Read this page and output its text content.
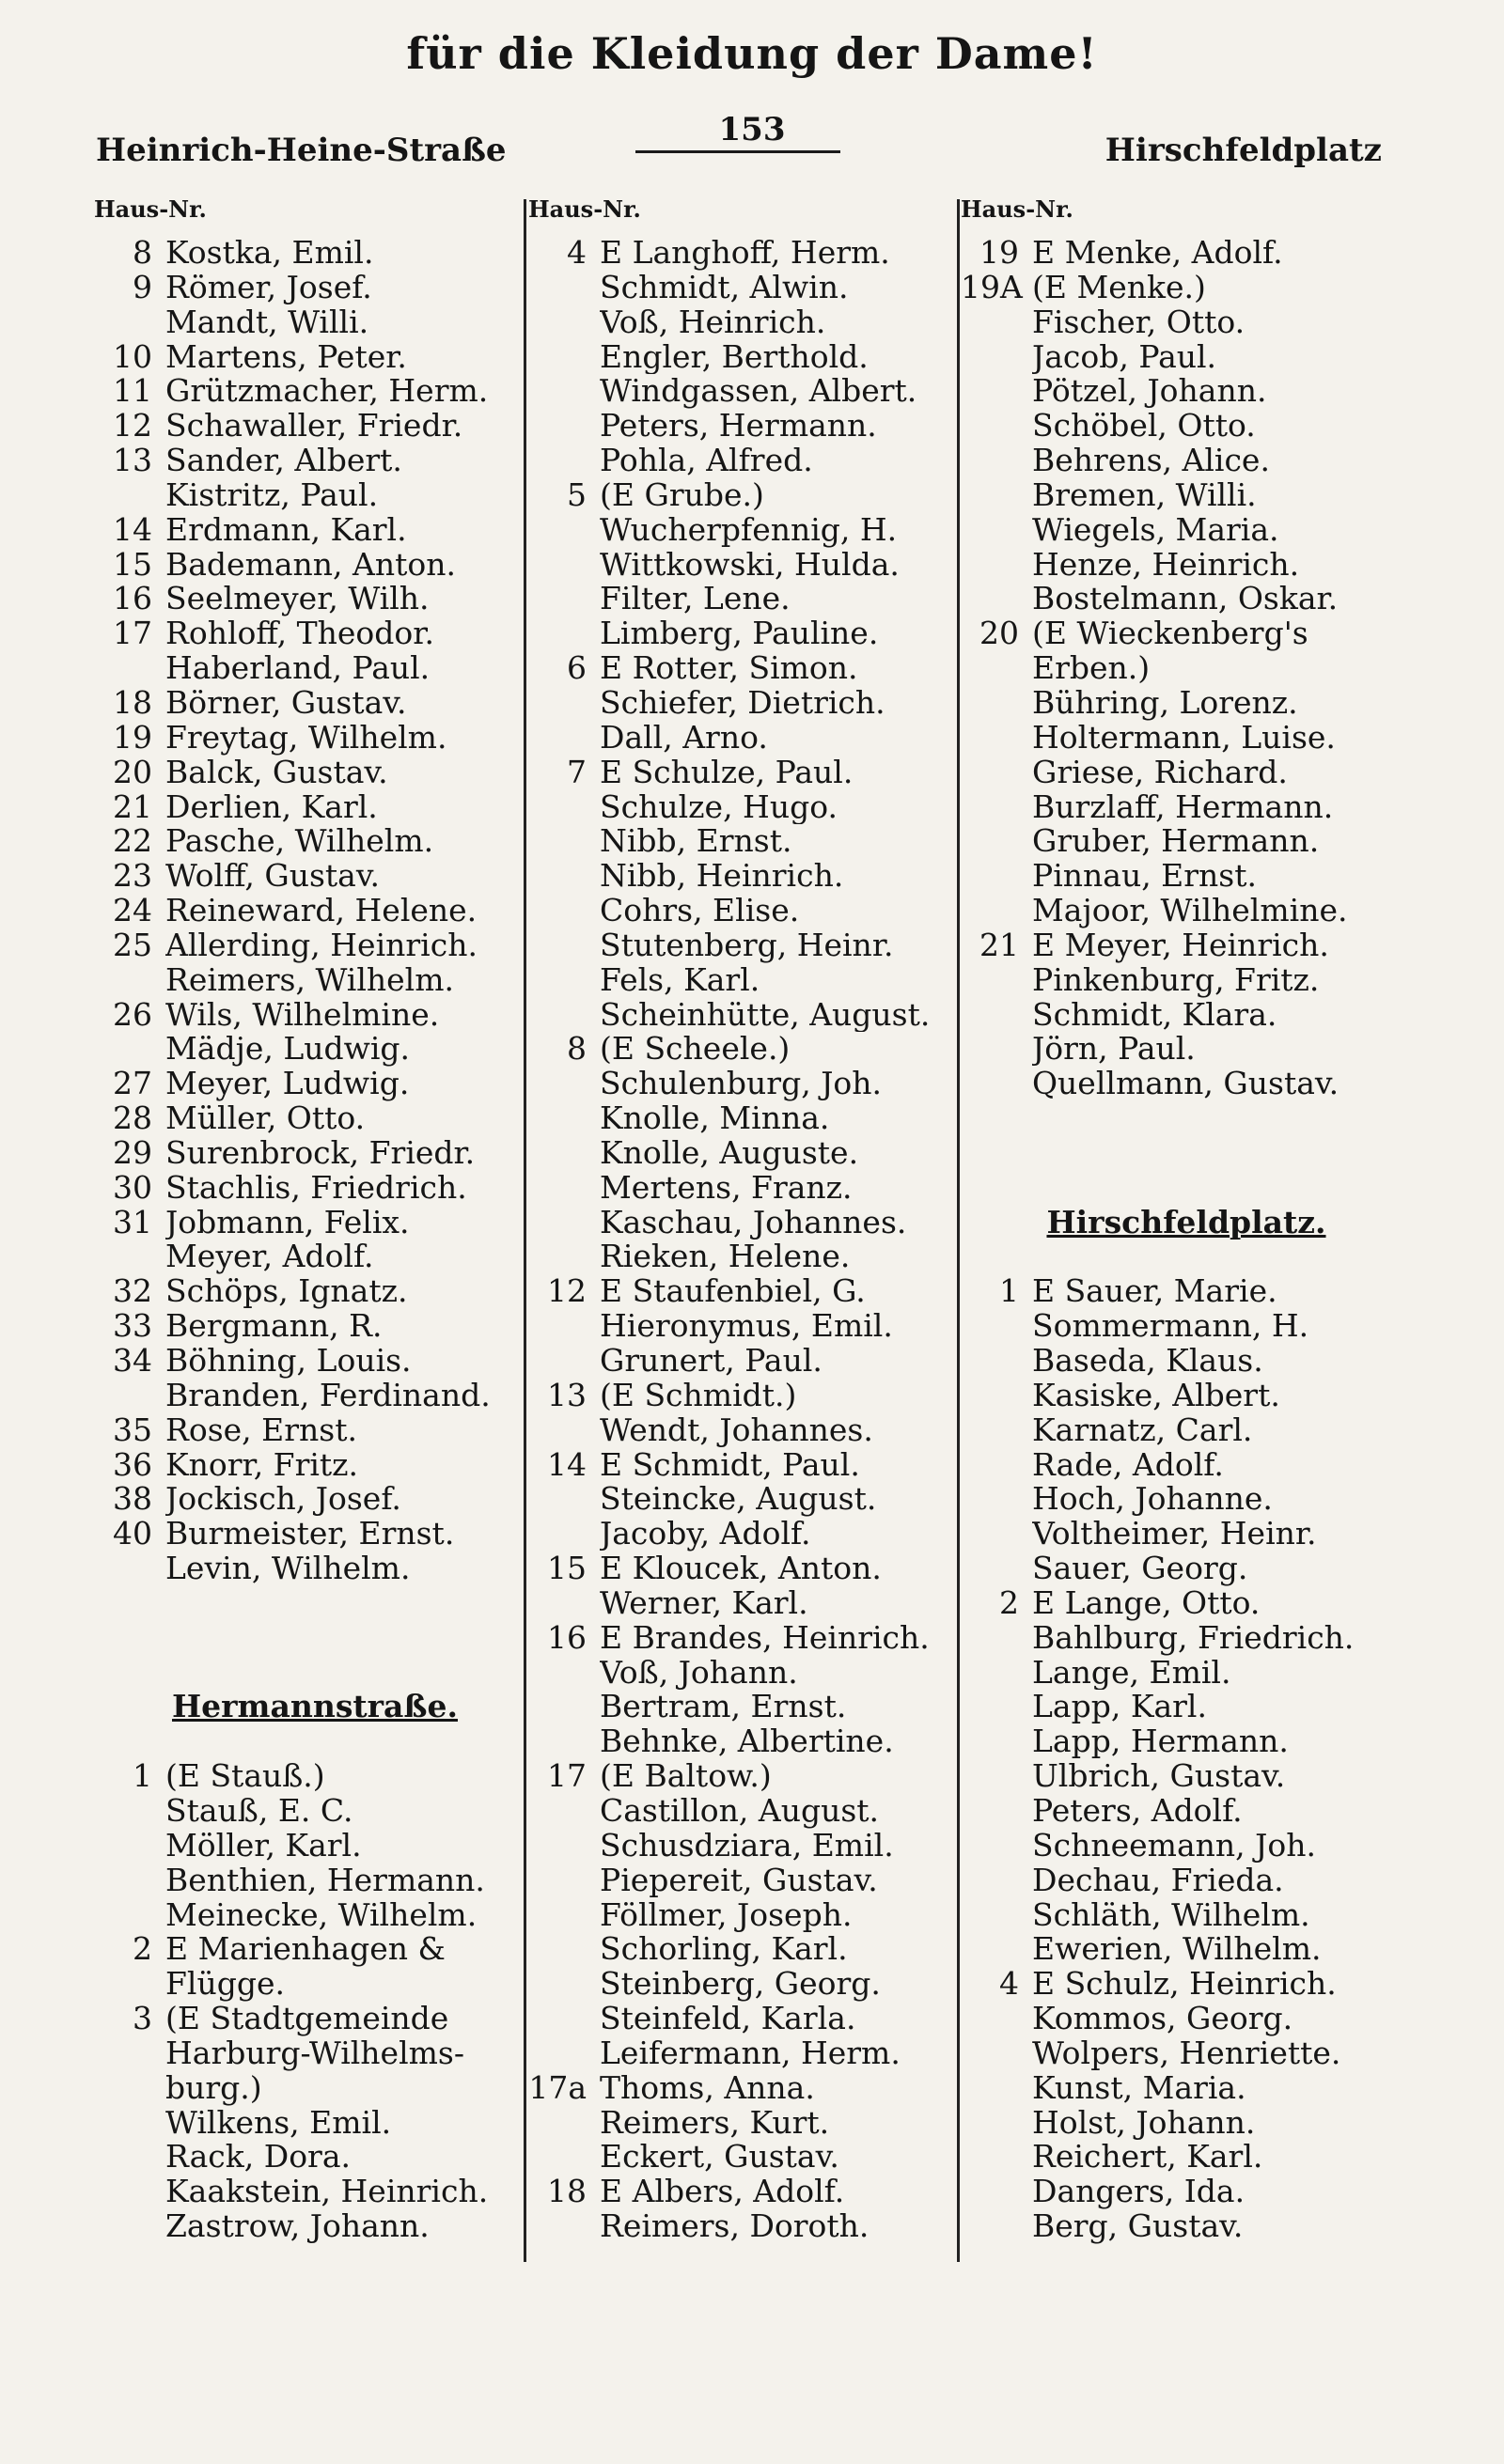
für die Kleidung der Dame!
Heinrich-Heine-Straße
153
Hirschfeldplatz
Haus-Nr.
8 Kostka, Emil.
9 Römer, Josef.
Mandt, Willi.
10 Martens, Peter.
11 Grützmacher, Herm.
12 Schawaller, Friedr.
13 Sander, Albert.
Kistritz, Paul.
14 Erdmann, Karl.
15 Bademann, Anton.
16 Seelmeyer, Wilh.
17 Rohloff, Theodor.
Haberland, Paul.
18 Börner, Gustav.
19 Freytag, Wilhelm.
20 Balck, Gustav.
21 Derlien, Karl.
22 Pasche, Wilhelm.
23 Wolff, Gustav.
24 Reineward, Helene.
25 Allerding, Heinrich.
Reimers, Wilhelm.
26 Wils, Wilhelmine.
Mädje, Ludwig.
27 Meyer, Ludwig.
28 Müller, Otto.
29 Surenbrock, Friedr.
30 Stachlis, Friedrich.
31 Jobmann, Felix.
Meyer, Adolf.
32 Schöps, Ignatz.
33 Bergmann, R.
34 Böhning, Louis.
Branden, Ferdinand.
35 Rose, Ernst.
36 Knorr, Fritz.
38 Jockisch, Josef.
40 Burmeister, Ernst.
Levin, Wilhelm.
Hermannstraße.
1 (E Stauß.)
Stauß, E. C.
Möller, Karl.
Benthien, Hermann.
Meinecke, Wilhelm.
2 E Marienhagen &
Flügge.
3 (E Stadtgemeinde
Harburg-Wilhelms-
burg.)
Wilkens, Emil.
Rack, Dora.
Kaakstein, Heinrich.
Zastrow, Johann.
Haus-Nr.
4 E Langhoff, Herm.
Schmidt, Alwin.
Voß, Heinrich.
Engler, Berthold.
Windgassen, Albert.
Peters, Hermann.
Pohla, Alfred.
5 (E Grube.)
Wucherpfennig, H.
Wittkowski, Hulda.
Filter, Lene.
Limberg, Pauline.
6 E Rotter, Simon.
Schiefer, Dietrich.
Dall, Arno.
7 E Schulze, Paul.
Schulze, Hugo.
Nibb, Ernst.
Nibb, Heinrich.
Cohrs, Elise.
Stutenberg, Heinr.
Fels, Karl.
Scheinhütte, August.
8 (E Scheele.)
Schulenburg, Joh.
Knolle, Minna.
Knolle, Auguste.
Mertens, Franz.
Kaschau, Johannes.
Rieken, Helene.
12 E Staufenbiel, G.
Hieronymus, Emil.
Grunert, Paul.
13 (E Schmidt.)
Wendt, Johannes.
14 E Schmidt, Paul.
Steincke, August.
Jacoby, Adolf.
15 E Kloucek, Anton.
Werner, Karl.
16 E Brandes, Heinrich.
Voß, Johann.
Bertram, Ernst.
Behnke, Albertine.
17 (E Baltow.)
Castillon, August.
Schusdziara, Emil.
Piepereit, Gustav.
Föllmer, Joseph.
Schorling, Karl.
Steinberg, Georg.
Steinfeld, Karla.
Leifermann, Herm.
17a Thoms, Anna.
Reimers, Kurt.
Eckert, Gustav.
18 E Albers, Adolf.
Reimers, Doroth.
Haus-Nr.
19 E Menke, Adolf.
19A (E Menke.)
Fischer, Otto.
Jacob, Paul.
Pötzel, Johann.
Schöbel, Otto.
Behrens, Alice.
Bremen, Willi.
Wiegels, Maria.
Henze, Heinrich.
Bostelmann, Oskar.
20 (E Wieckenberg's
Erben.)
Bühring, Lorenz.
Holtermann, Luise.
Griese, Richard.
Burzlaff, Hermann.
Gruber, Hermann.
Pinnau, Ernst.
Majoor, Wilhelmine.
21 E Meyer, Heinrich.
Pinkenburg, Fritz.
Schmidt, Klara.
Jörn, Paul.
Quellmann, Gustav.
Hirschfeldplatz.
1 E Sauer, Marie.
Sommermann, H.
Baseda, Klaus.
Kasiske, Albert.
Karnatz, Carl.
Rade, Adolf.
Hoch, Johanne.
Voltheimer, Heinr.
Sauer, Georg.
2 E Lange, Otto.
Bahlburg, Friedrich.
Lange, Emil.
Lapp, Karl.
Lapp, Hermann.
Ulbrich, Gustav.
Peters, Adolf.
Schneemann, Joh.
Dechau, Frieda.
Schläth, Wilhelm.
Ewerien, Wilhelm.
4 E Schulz, Heinrich.
Kommos, Georg.
Wolpers, Henriette.
Kunst, Maria.
Holst, Johann.
Reichert, Karl.
Dangers, Ida.
Berg, Gustav.
